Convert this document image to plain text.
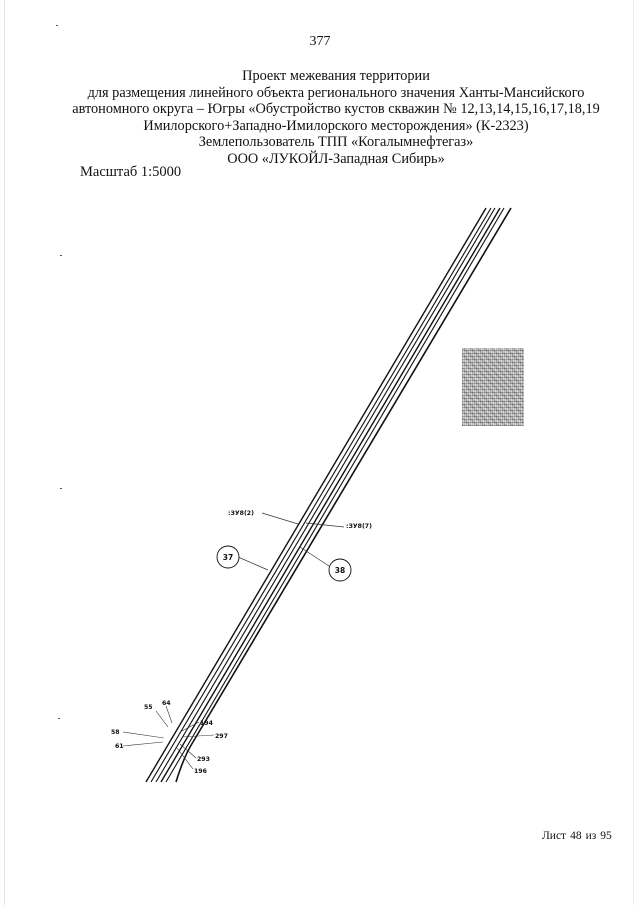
377
Проект межевания территории
для размещения линейного объекта регионального значения Ханты-Мансийского
автономного округа – Югры «Обустройство кустов скважин № 12,13,14,15,16,17,18,19
Имилорского+Западно-Имилорского месторождения» (К-2323)
Землепользователь ТПП «Когалымнефтегаз»
ООО «ЛУКОЙЛ-Западная Сибирь»
Масштаб 1:5000
:ЗУ8(2)
:ЗУ8(7)
37
38
55
64
58
61
194
297
293
196
Лист 48 из 95
